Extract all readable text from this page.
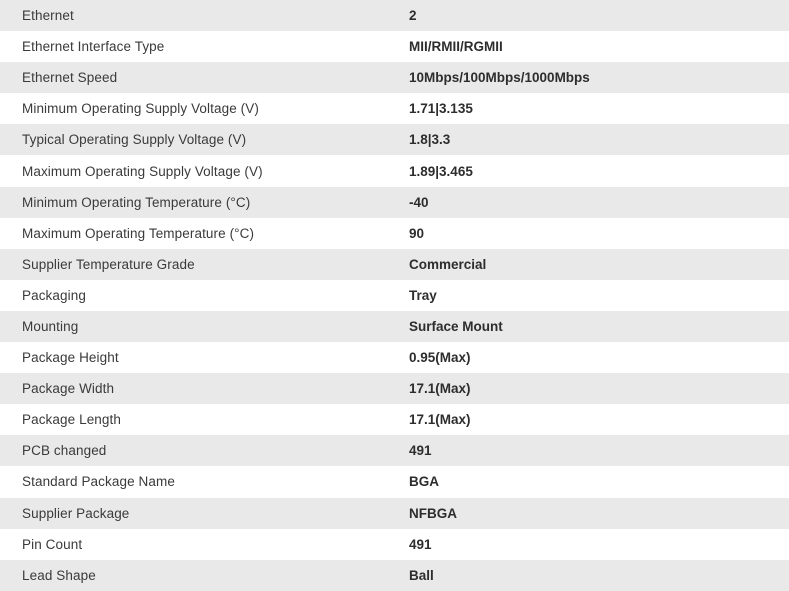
Ethernet	2
Ethernet Interface Type	MII/RMII/RGMII
Ethernet Speed	10Mbps/100Mbps/1000Mbps
Minimum Operating Supply Voltage (V)	1.71|3.135
Typical Operating Supply Voltage (V)	1.8|3.3
Maximum Operating Supply Voltage (V)	1.89|3.465
Minimum Operating Temperature (°C)	-40
Maximum Operating Temperature (°C)	90
Supplier Temperature Grade	Commercial
Packaging	Tray
Mounting	Surface Mount
Package Height	0.95(Max)
Package Width	17.1(Max)
Package Length	17.1(Max)
PCB changed	491
Standard Package Name	BGA
Supplier Package	NFBGA
Pin Count	491
Lead Shape	Ball
